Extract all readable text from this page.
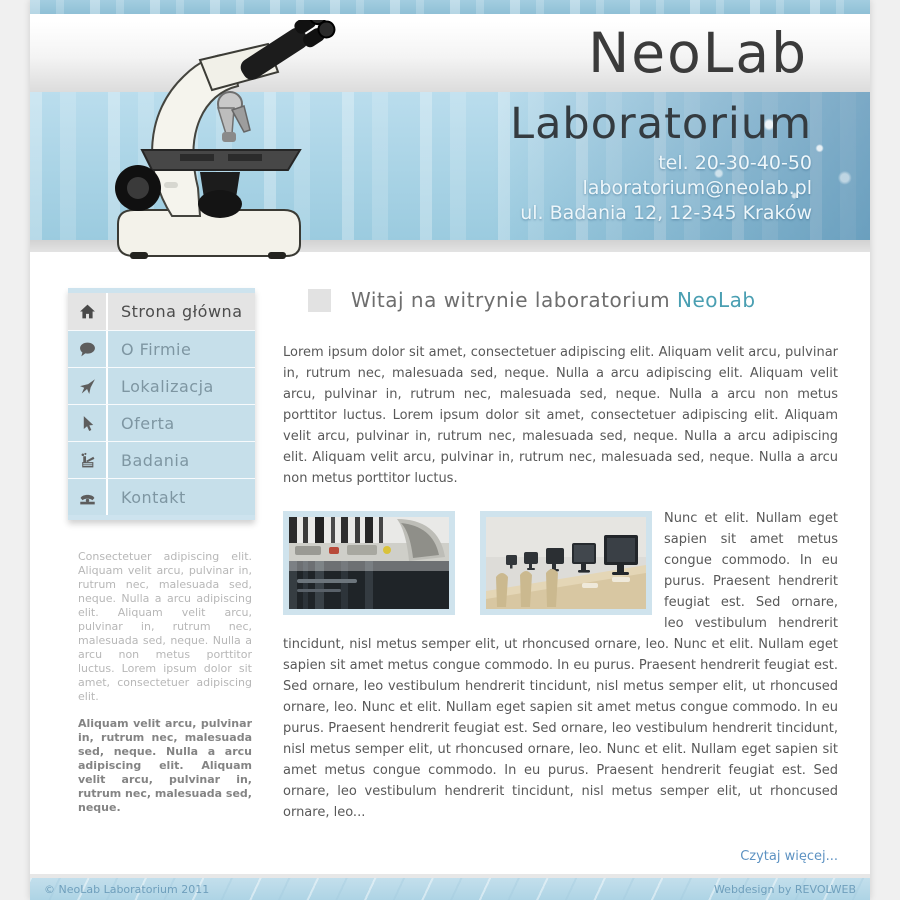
NeoLab
Laboratorium
tel. 20-30-40-50
laboratorium@neolab.pl
ul. Badania 12, 12-345 Kraków
Strona główna
O Firmie
Lokalizacja
Oferta
Badania
Kontakt

Consectetuer adipiscing elit. Aliquam velit arcu, pulvinar in, rutrum nec, malesuada sed, neque. Nulla a arcu adipiscing elit. Aliquam velit arcu, pulvinar in, rutrum nec, malesuada sed, neque. Nulla a arcu non metus porttitor luctus. Lorem ipsum dolor sit amet, consectetuer adipiscing elit.

Aliquam velit arcu, pulvinar in, rutrum nec, malesuada sed, neque. Nulla a arcu adipiscing elit. Aliquam velit arcu, pulvinar in, rutrum nec, malesuada sed, neque.

Witaj na witrynie laboratorium NeoLab

Lorem ipsum dolor sit amet, consectetuer adipiscing elit. Aliquam velit arcu, pulvinar in, rutrum nec, malesuada sed, neque. Nulla a arcu adipiscing elit. Aliquam velit arcu, pulvinar in, rutrum nec, malesuada sed, neque. Nulla a arcu non metus porttitor luctus. Lorem ipsum dolor sit amet, consectetuer adipiscing elit. Aliquam velit arcu, pulvinar in, rutrum nec, malesuada sed, neque. Nulla a arcu adipiscing elit. Aliquam velit arcu, pulvinar in, rutrum nec, malesuada sed, neque. Nulla a arcu non metus porttitor luctus.

Nunc et elit. Nullam eget sapien sit amet metus congue commodo. In eu purus. Praesent hendrerit feugiat est. Sed ornare, leo vestibulum hendrerit tincidunt, nisl metus semper elit, ut rhoncused ornare, leo. Nunc et elit. Nullam eget sapien sit amet metus congue commodo. In eu purus. Praesent hendrerit feugiat est. Sed ornare, leo vestibulum hendrerit tincidunt, nisl metus semper elit, ut rhoncused ornare, leo. Nunc et elit. Nullam eget sapien sit amet metus congue commodo. In eu purus. Praesent hendrerit feugiat est. Sed ornare, leo vestibulum hendrerit tincidunt, nisl metus semper elit, ut rhoncused ornare, leo. Nunc et elit. Nullam eget sapien sit amet metus congue commodo. In eu purus. Praesent hendrerit feugiat est. Sed ornare, leo vestibulum hendrerit tincidunt, nisl metus semper elit, ut rhoncused ornare, leo...

Czytaj więcej...
© NeoLab Laboratorium 2011	Webdesign by REVOLWEB
